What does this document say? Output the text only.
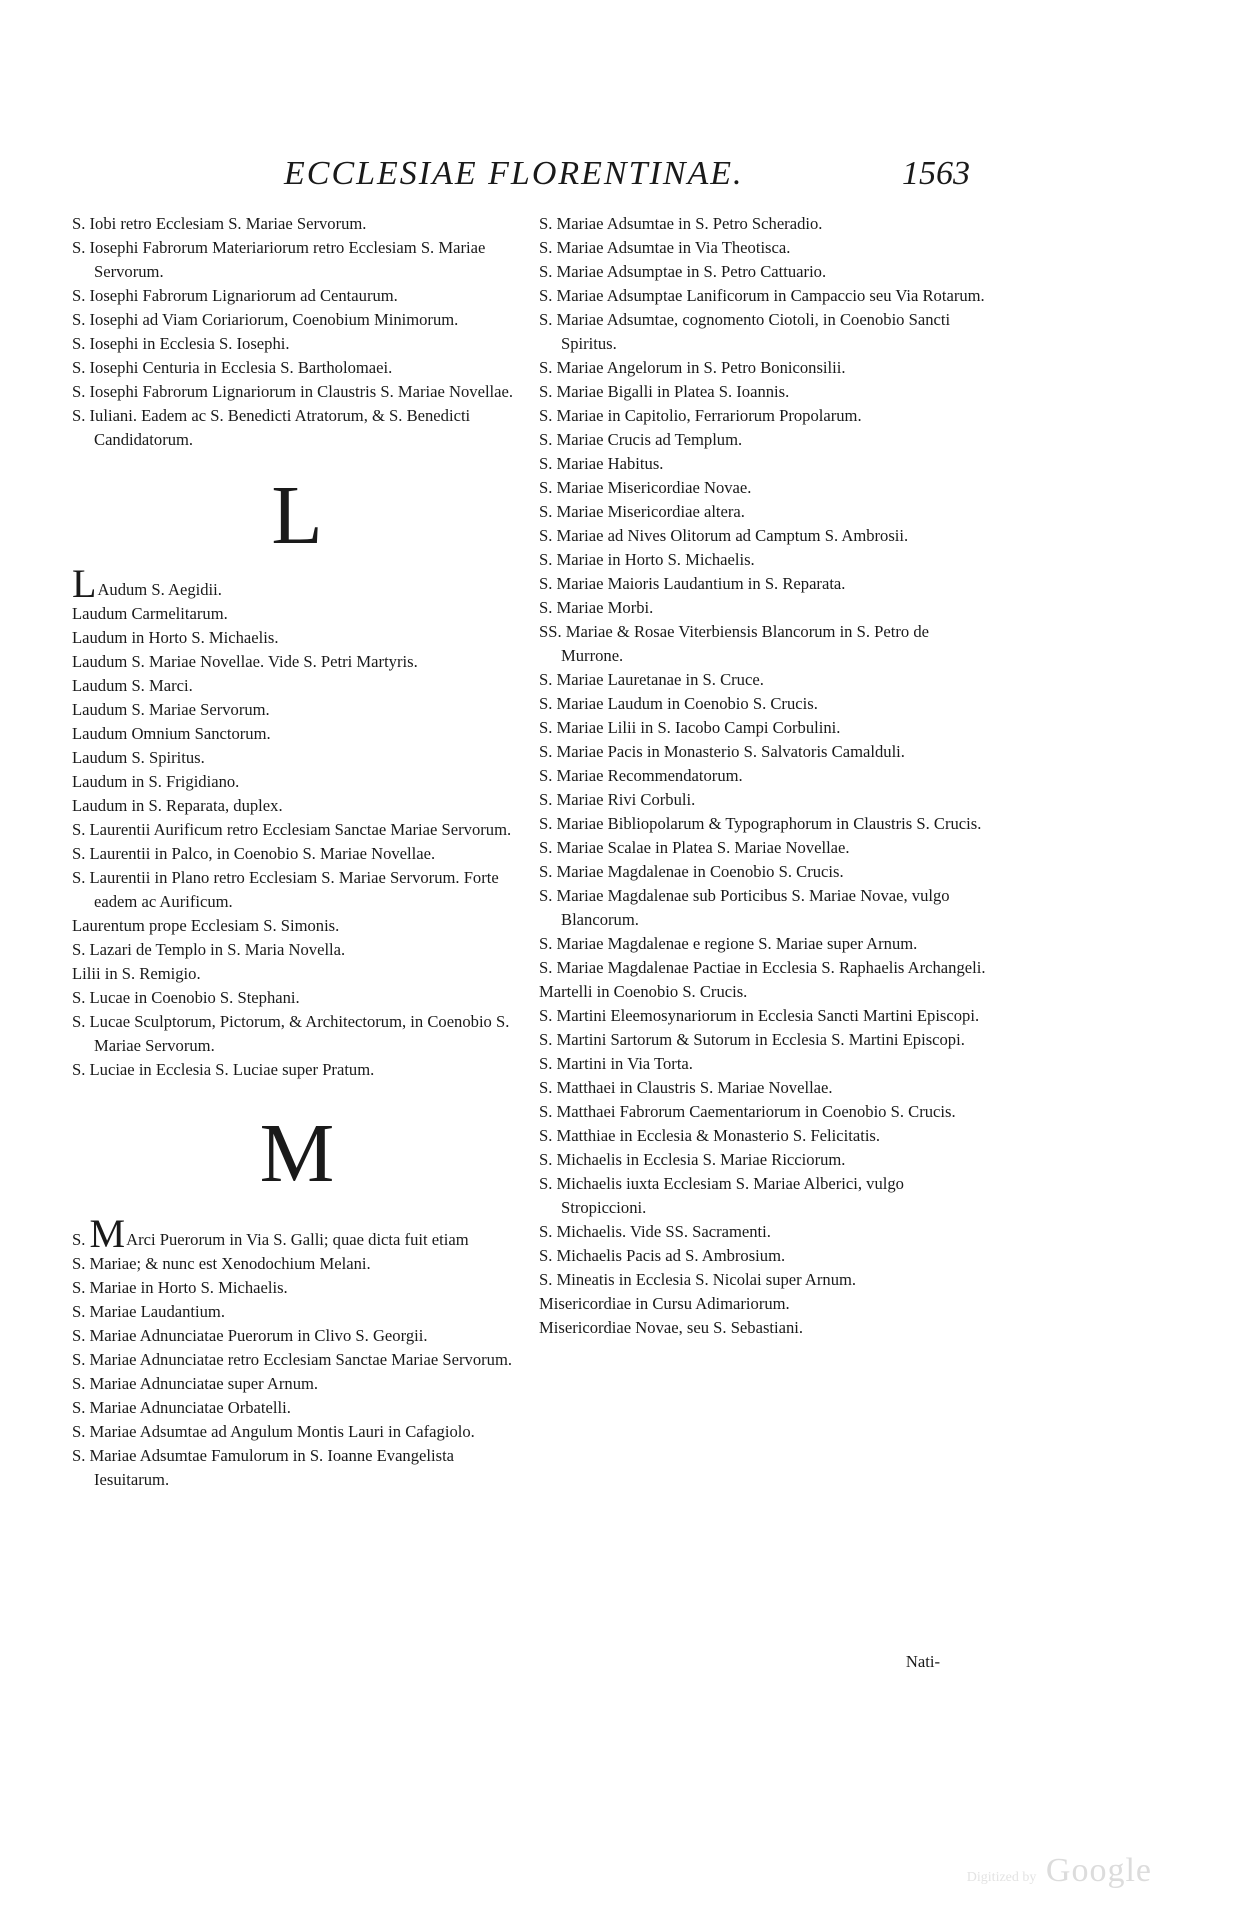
ECCLESIAE FLORENTINAE.	1563

S. Iobi retro Ecclesiam S. Mariae Servorum.

S. Iosephi Fabrorum Materiariorum retro Ecclesiam S. Mariae Servorum.

S. Iosephi Fabrorum Lignariorum ad Centaurum.

S. Iosephi ad Viam Coriariorum, Coenobium Minimorum.

S. Iosephi in Ecclesia S. Iosephi.

S. Iosephi Centuria in Ecclesia S. Bartholomaei.

S. Iosephi Fabrorum Lignariorum in Claustris S. Mariae Novellae.

S. Iuliani. Eadem ac S. Benedicti Atratorum, & S. Benedicti Candidatorum.

L

LAudum S. Aegidii.

Laudum Carmelitarum.

Laudum in Horto S. Michaelis.

Laudum S. Mariae Novellae. Vide S. Petri Martyris.

Laudum S. Marci.

Laudum S. Mariae Servorum.

Laudum Omnium Sanctorum.

Laudum S. Spiritus.

Laudum in S. Frigidiano.

Laudum in S. Reparata, duplex.

S. Laurentii Aurificum retro Ecclesiam Sanctae Mariae Servorum.

S. Laurentii in Palco, in Coenobio S. Mariae Novellae.

S. Laurentii in Plano retro Ecclesiam S. Mariae Servorum. Forte eadem ac Aurificum.

Laurentum prope Ecclesiam S. Simonis.

S. Lazari de Templo in S. Maria Novella.

Lilii in S. Remigio.

S. Lucae in Coenobio S. Stephani.

S. Lucae Sculptorum, Pictorum, & Architectorum, in Coenobio S. Mariae Servorum.

S. Luciae in Ecclesia S. Luciae super Pratum.

M

S. MArci Puerorum in Via S. Galli; quae dicta fuit etiam

S. Mariae; & nunc est Xenodochium Melani.

S. Mariae in Horto S. Michaelis.

S. Mariae Laudantium.

S. Mariae Adnunciatae Puerorum in Clivo S. Georgii.

S. Mariae Adnunciatae retro Ecclesiam Sanctae Mariae Servorum.

S. Mariae Adnunciatae super Arnum.

S. Mariae Adnunciatae Orbatelli.

S. Mariae Adsumtae ad Angulum Montis Lauri in Cafagiolo.

S. Mariae Adsumtae Famulorum in S. Ioanne Evangelista Iesuitarum.

S. Mariae Adsumtae in S. Petro Scheradio.

S. Mariae Adsumtae in Via Theotisca.

S. Mariae Adsumptae in S. Petro Cattuario.

S. Mariae Adsumptae Lanificorum in Campaccio seu Via Rotarum.

S. Mariae Adsumtae, cognomento Ciotoli, in Coenobio Sancti Spiritus.

S. Mariae Angelorum in S. Petro Boniconsilii.

S. Mariae Bigalli in Platea S. Ioannis.

S. Mariae in Capitolio, Ferrariorum Propolarum.

S. Mariae Crucis ad Templum.

S. Mariae Habitus.

S. Mariae Misericordiae Novae.

S. Mariae Misericordiae altera.

S. Mariae ad Nives Olitorum ad Camptum S. Ambrosii.

S. Mariae in Horto S. Michaelis.

S. Mariae Maioris Laudantium in S. Reparata.

S. Mariae Morbi.

SS. Mariae & Rosae Viterbiensis Blancorum in S. Petro de Murrone.

S. Mariae Lauretanae in S. Cruce.

S. Mariae Laudum in Coenobio S. Crucis.

S. Mariae Lilii in S. Iacobo Campi Corbulini.

S. Mariae Pacis in Monasterio S. Salvatoris Camalduli.

S. Mariae Recommendatorum.

S. Mariae Rivi Corbuli.

S. Mariae Bibliopolarum & Typographorum in Claustris S. Crucis.

S. Mariae Scalae in Platea S. Mariae Novellae.

S. Mariae Magdalenae in Coenobio S. Crucis.

S. Mariae Magdalenae sub Porticibus S. Mariae Novae, vulgo Blancorum.

S. Mariae Magdalenae e regione S. Mariae super Arnum.

S. Mariae Magdalenae Pactiae in Ecclesia S. Raphaelis Archangeli.

Martelli in Coenobio S. Crucis.

S. Martini Eleemosynariorum in Ecclesia Sancti Martini Episcopi.

S. Martini Sartorum & Sutorum in Ecclesia S. Martini Episcopi.

S. Martini in Via Torta.

S. Matthaei in Claustris S. Mariae Novellae.

S. Matthaei Fabrorum Caementariorum in Coenobio S. Crucis.

S. Matthiae in Ecclesia & Monasterio S. Felicitatis.

S. Michaelis in Ecclesia S. Mariae Ricciorum.

S. Michaelis iuxta Ecclesiam S. Mariae Alberici, vulgo Stropiccioni.

S. Michaelis. Vide SS. Sacramenti.

S. Michaelis Pacis ad S. Ambrosium.

S. Mineatis in Ecclesia S. Nicolai super Arnum.

Misericordiae in Cursu Adimariorum.

Misericordiae Novae, seu S. Sebastiani.

Nati-
Digitized by Google
